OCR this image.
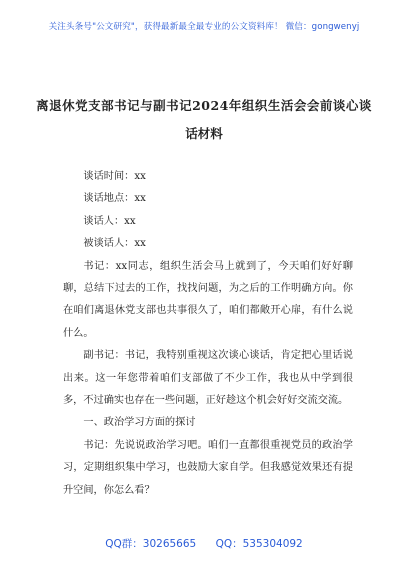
关注头条号"公文研究"，获得最新最全最专业的公文资料库！ 微信：gongwenyj
离退休党支部书记与副书记2024年组织生活会会前谈心谈
话材料

谈话时间：xx

谈话地点：xx

谈话人：xx

被谈话人：xx

书记：xx同志，组织生活会马上就到了，今天咱们好好聊聊，总结下过去的工作，找找问题，为之后的工作明确方向。你在咱们离退休党支部也共事很久了，咱们都敞开心扉，有什么说什么。

副书记：书记，我特别重视这次谈心谈话，肯定把心里话说出来。这一年您带着咱们支部做了不少工作，我也从中学到很多，不过确实也存在一些问题，正好趁这个机会好好交流交流。

一、政治学习方面的探讨

书记：先说说政治学习吧。咱们一直都很重视党员的政治学习，定期组织集中学习，也鼓励大家自学。但我感觉效果还有提升空间，你怎么看？

QQ群：30265665 QQ：535304092
